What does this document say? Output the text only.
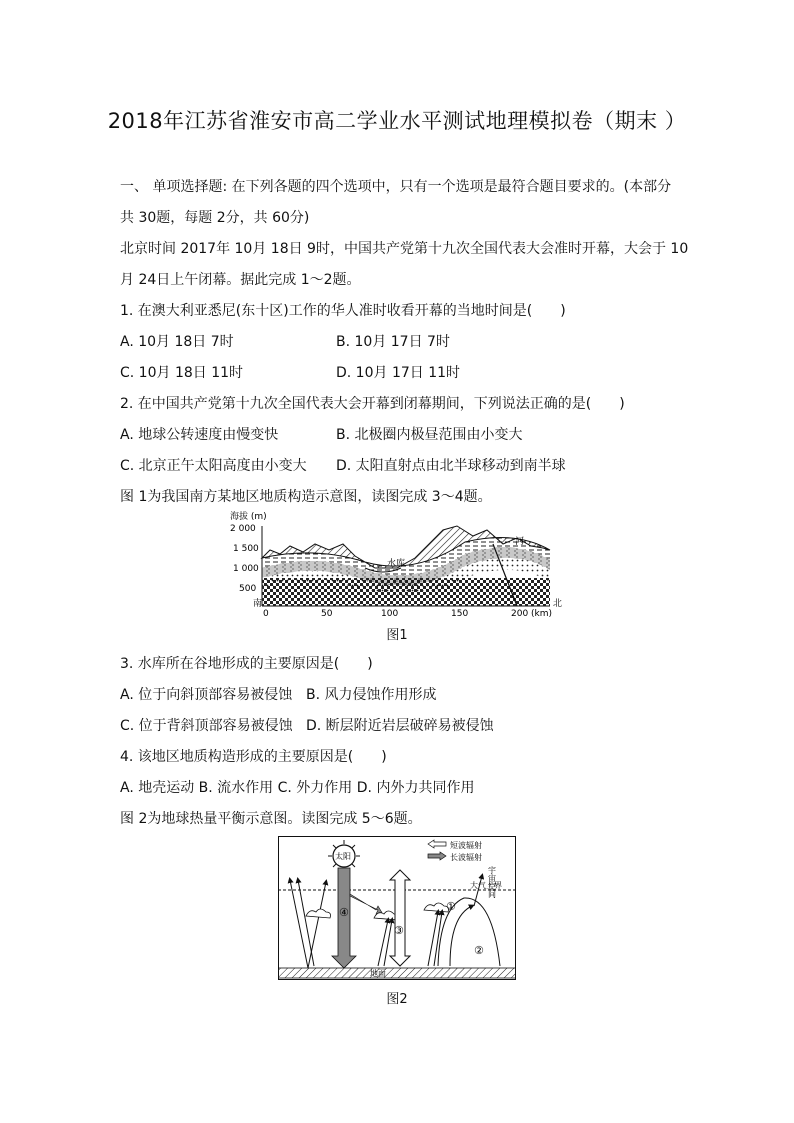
2018年江苏省淮安市高二学业水平测试地理模拟卷（期末 ）
一、 单项选择题: 在下列各题的四个选项中，只有一个选项是最符合题目要求的。(本部分
共 30题，每题 2分，共 60分)
北京时间 2017年 10月 18日 9时，中国共产党第十九次全国代表大会准时开幕，大会于 10
月 24日上午闭幕。据此完成 1～2题。
1. 在澳大利亚悉尼(东十区)工作的华人准时收看开幕的当地时间是(　　)
A. 10月 18日 7时	B. 10月 17日 7时
C. 10月 18日 11时	D. 10月 17日 11时
2. 在中国共产党第十九次全国代表大会开幕到闭幕期间，下列说法正确的是(　　)
A. 地球公转速度由慢变快	B. 北极圈内极昼范围由小变大
C. 北京正午太阳高度由小变大 D. 太阳直射点由北半球移动到南半球
图 1为我国南方某地区地质构造示意图，读图完成 3～4题。
海拔 (m)
2 000
1 500
1 000
500
南	北
水库
河
0	50	100	150	200 (km)
图1
3. 水库所在谷地形成的主要原因是(　　)
A. 位于向斜顶部容易被侵蚀 B. 风力侵蚀作用形成
C. 位于背斜顶部容易被侵蚀 D. 断层附近岩层破碎易被侵蚀
4. 该地区地质构造形成的主要原因是(　　)
A. 地壳运动 B. 流水作用 C. 外力作用 D. 内外力共同作用
图 2为地球热量平衡示意图。读图完成 5～6题。
地面
太阳
④
③
①
②
短波辐射
长波辐射
宇宙空间
大气上界
图2
